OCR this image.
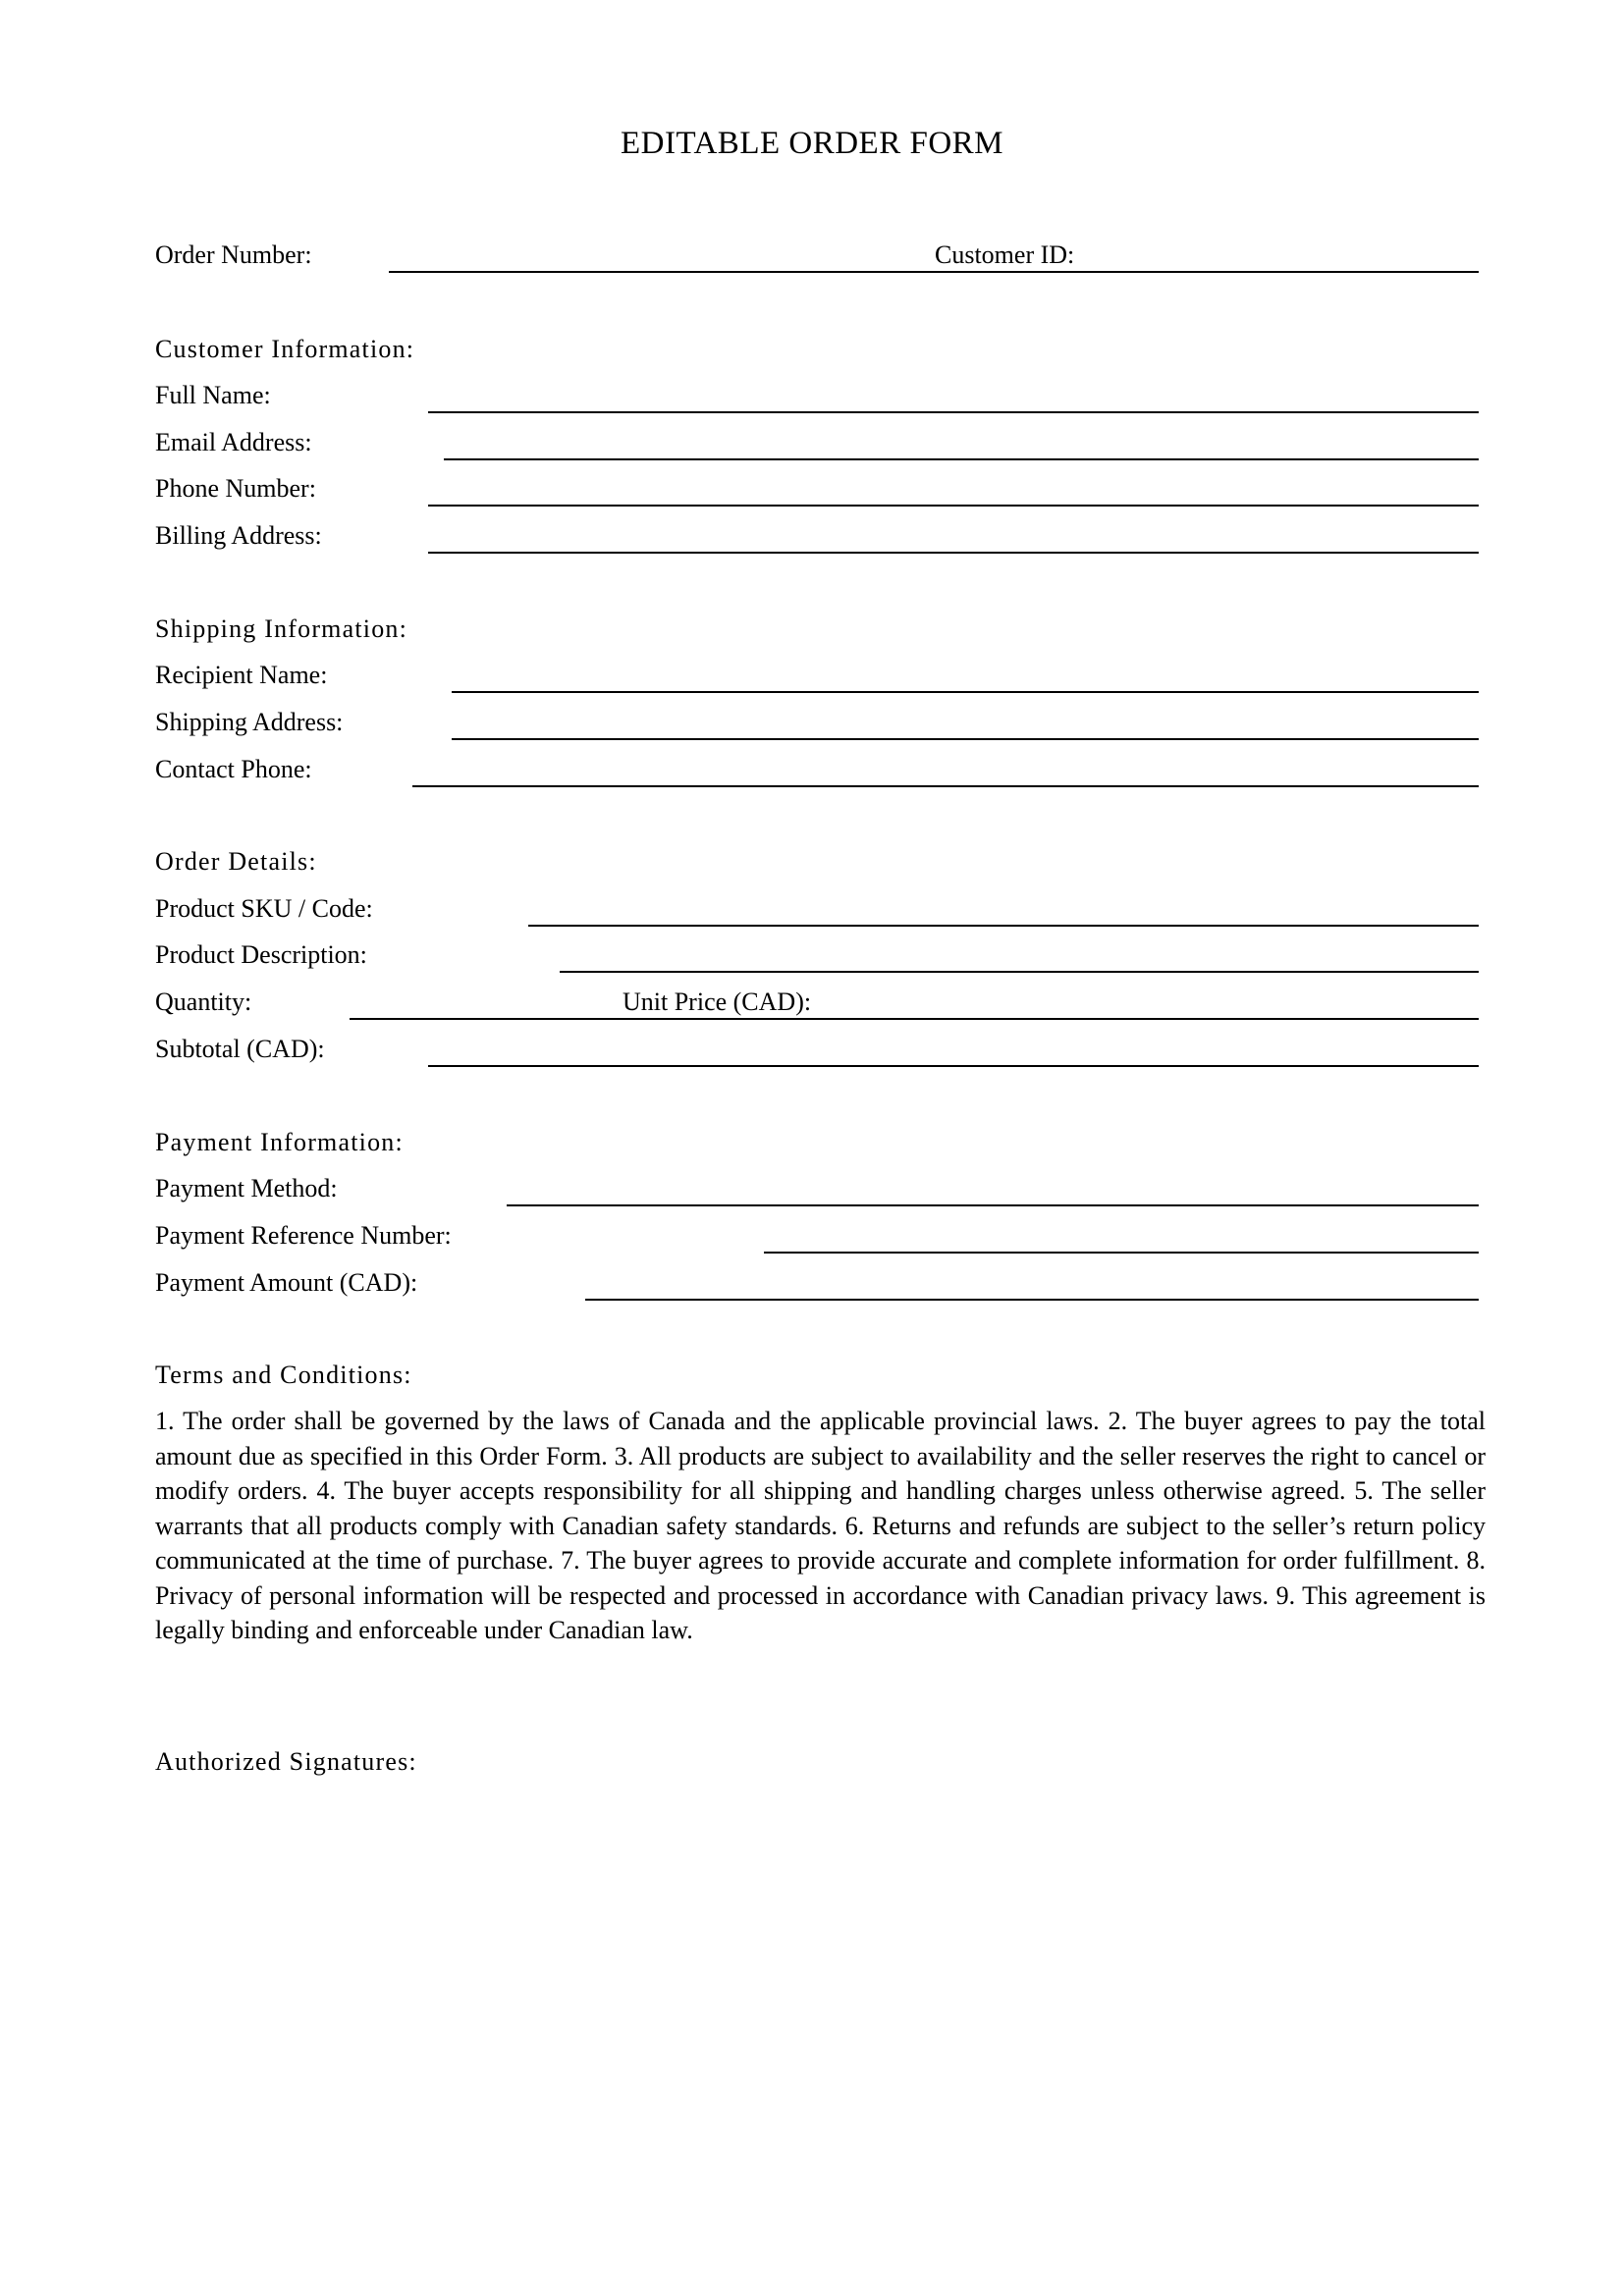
EDITABLE ORDER FORM
Order Number:	Customer ID:
Customer Information:
Full Name:
Email Address:
Phone Number:
Billing Address:
Shipping Information:
Recipient Name:
Shipping Address:
Contact Phone:
Order Details:
Product SKU / Code:
Product Description:
Quantity:	Unit Price (CAD):
Subtotal (CAD):
Payment Information:
Payment Method:
Payment Reference Number:
Payment Amount (CAD):
Terms and Conditions:
1. The order shall be governed by the laws of Canada and the applicable provincial laws. 2. The buyer agrees to pay the total amount due as specified in this Order Form. 3. All products are subject to availability and the seller reserves the right to cancel or modify orders. 4. The buyer accepts responsibility for all shipping and handling charges unless otherwise agreed. 5. The seller warrants that all products comply with Canadian safety standards. 6. Returns and refunds are subject to the seller’s return policy communicated at the time of purchase. 7. The buyer agrees to provide accurate and complete information for order fulfillment. 8. Privacy of personal information will be respected and processed in accordance with Canadian privacy laws. 9. This agreement is legally binding and enforceable under Canadian law.
Authorized Signatures:
